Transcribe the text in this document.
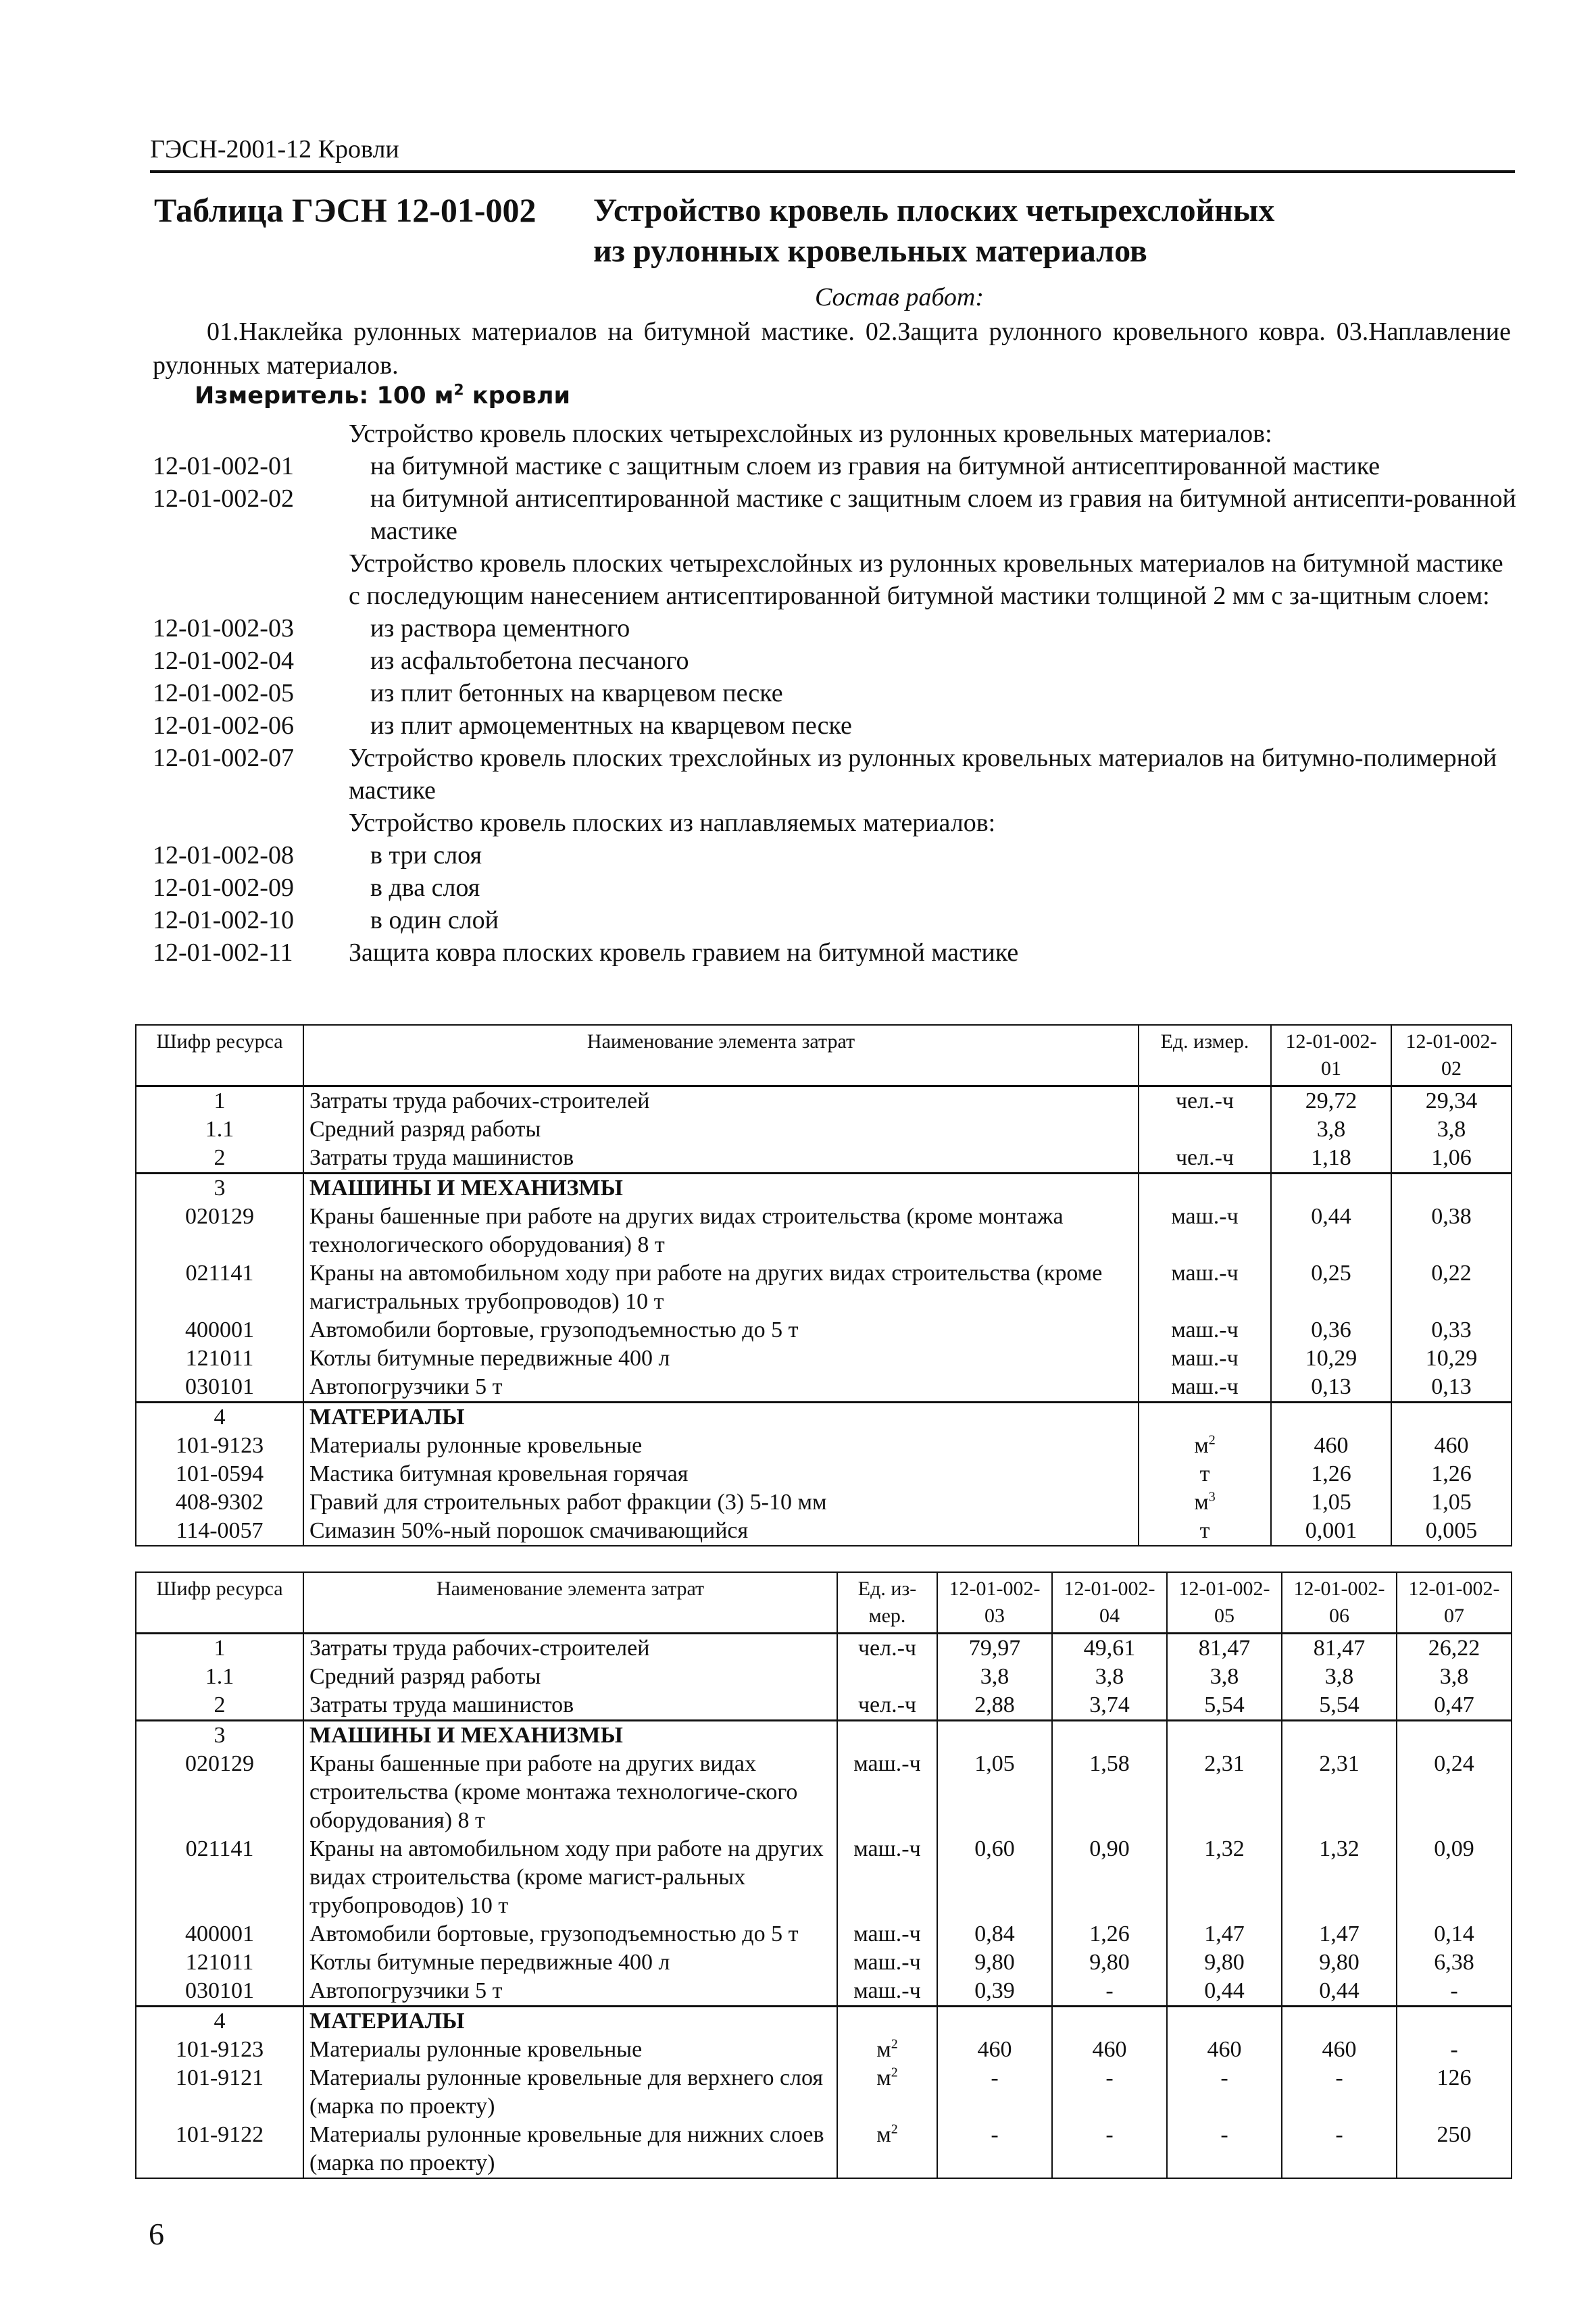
ГЭСН-2001-12 Кровли
Таблица ГЭСН 12-01-002 Устройство кровель плоских четырехслойных
из рулонных кровельных материалов
Состав работ:
01.Наклейка рулонных материалов на битумной мастике. 02.Защита рулонного кровельного ковра. 03.Наплавление рулонных материалов.
Измеритель: 100 $м^2$ кровли
Устройство кровель плоских четырехслойных из рулонных кровельных материалов:
12-01-002-01	на битумной мастике с защитным слоем из гравия на битумной антисептированной мастике
12-01-002-02	на битумной антисептированной мастике с защитным слоем из гравия на битумной антисепти-рованной мастике
Устройство кровель плоских четырехслойных из рулонных кровельных материалов на битумной мастике с последующим нанесением антисептированной битумной мастики толщиной 2 мм с за-щитным слоем:
12-01-002-03	из раствора цементного
12-01-002-04	из асфальтобетона песчаного
12-01-002-05	из плит бетонных на кварцевом песке
12-01-002-06	из плит армоцементных на кварцевом песке
12-01-002-07	Устройство кровель плоских трехслойных из рулонных кровельных материалов на битумно-полимерной мастике
Устройство кровель плоских из наплавляемых материалов:
12-01-002-08	в три слоя
12-01-002-09	в два слоя
12-01-002-10	в один слой
12-01-002-11	Защита ковра плоских кровель гравием на битумной мастике
Шифр ресурса	Наименование элемента затрат	Ед. измер.	12-01-002-01	12-01-002-02
1	Затраты труда рабочих-строителей	чел.-ч	29,72	29,34
1.1	Средний разряд работы		3,8	3,8
2	Затраты труда машинистов	чел.-ч	1,18	1,06
3	МАШИНЫ И МЕХАНИЗМЫ			
020129	Краны башенные при работе на других видах строительства (кроме монтажа технологического оборудования) 8 т	маш.-ч	0,44	0,38
021141	Краны на автомобильном ходу при работе на других видах строительства (кроме магистральных трубопроводов) 10 т	маш.-ч	0,25	0,22
400001	Автомобили бортовые, грузоподъемностью до 5 т	маш.-ч	0,36	0,33
121011	Котлы битумные передвижные 400 л	маш.-ч	10,29	10,29
030101	Автопогрузчики 5 т	маш.-ч	0,13	0,13
4	МАТЕРИАЛЫ			
101-9123	Материалы рулонные кровельные	$м^2$	460	460
101-0594	Мастика битумная кровельная горячая	т	1,26	1,26
408-9302	Гравий для строительных работ фракции (3) 5-10 мм	$м^3$	1,05	1,05
114-0057	Симазин 50%-ный порошок смачивающийся	т	0,001	0,005
Шифр ресурса	Наименование элемента затрат	Ед. из-мер.	12-01-002-03	12-01-002-04	12-01-002-05	12-01-002-06	12-01-002-07
1	Затраты труда рабочих-строителей	чел.-ч	79,97	49,61	81,47	81,47	26,22
1.1	Средний разряд работы		3,8	3,8	3,8	3,8	3,8
2	Затраты труда машинистов	чел.-ч	2,88	3,74	5,54	5,54	0,47
3	МАШИНЫ И МЕХАНИЗМЫ						
020129	Краны башенные при работе на других видах строительства (кроме монтажа технологиче-ского оборудования) 8 т	маш.-ч	1,05	1,58	2,31	2,31	0,24
021141	Краны на автомобильном ходу при работе на других видах строительства (кроме магист-ральных трубопроводов) 10 т	маш.-ч	0,60	0,90	1,32	1,32	0,09
400001	Автомобили бортовые, грузоподъемностью до 5 т	маш.-ч	0,84	1,26	1,47	1,47	0,14
121011	Котлы битумные передвижные 400 л	маш.-ч	9,80	9,80	9,80	9,80	6,38
030101	Автопогрузчики 5 т	маш.-ч	0,39	-	0,44	0,44	-
4	МАТЕРИАЛЫ						
101-9123	Материалы рулонные кровельные	$м^2$	460	460	460	460	-
101-9121	Материалы рулонные кровельные для верхнего слоя (марка по проекту)	$м^2$	-	-	-	-	126
101-9122	Материалы рулонные кровельные для нижних слоев (марка по проекту)	$м^2$	-	-	-	-	250
6
